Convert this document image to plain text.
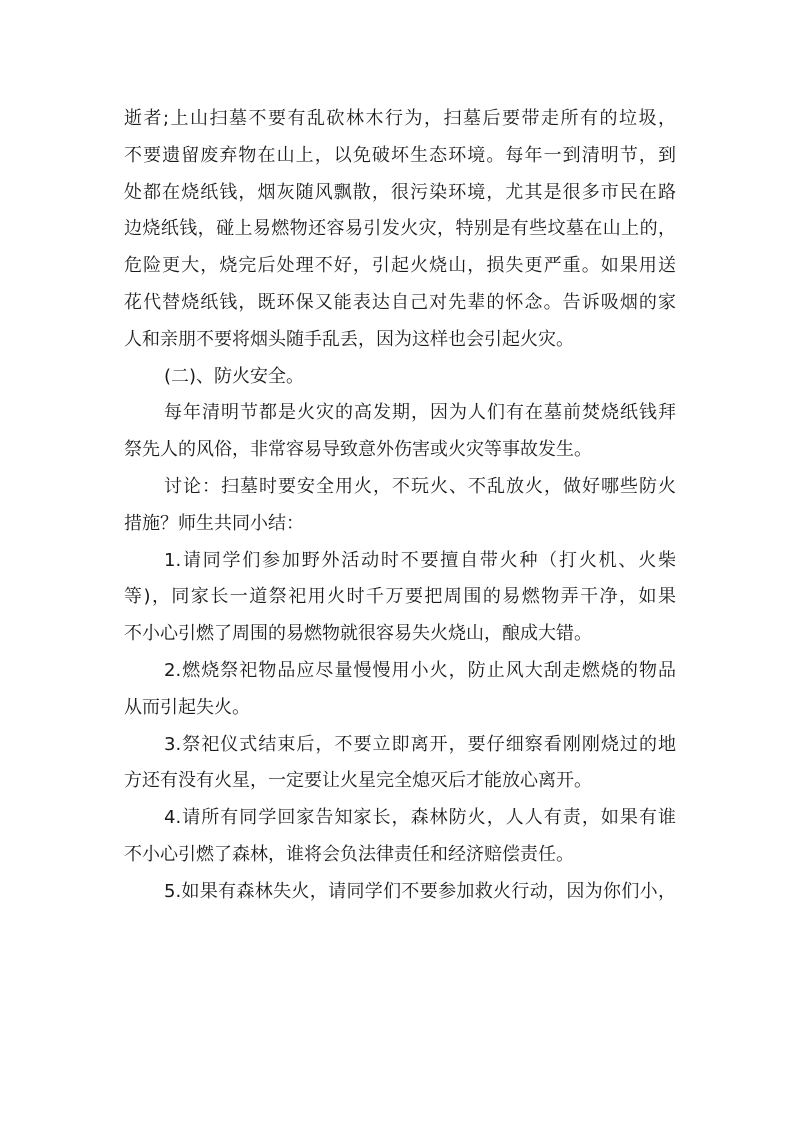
逝者;上山扫墓不要有乱砍林木行为，扫墓后要带走所有的垃圾，
不要遗留废弃物在山上，以免破坏生态环境。每年一到清明节，到
处都在烧纸钱，烟灰随风飘散，很污染环境，尤其是很多市民在路
边烧纸钱，碰上易燃物还容易引发火灾，特别是有些坟墓在山上的，
危险更大，烧完后处理不好，引起火烧山，损失更严重。如果用送
花代替烧纸钱，既环保又能表达自己对先辈的怀念。告诉吸烟的家
人和亲朋不要将烟头随手乱丢，因为这样也会引起火灾。
(二)、防火安全。
每年清明节都是火灾的高发期，因为人们有在墓前焚烧纸钱拜
祭先人的风俗，非常容易导致意外伤害或火灾等事故发生。
讨论：扫墓时要安全用火，不玩火、不乱放火，做好哪些防火
措施？师生共同小结：
1.请同学们参加野外活动时不要擅自带火种（打火机、火柴
等)，同家长一道祭祀用火时千万要把周围的易燃物弄干净，如果
不小心引燃了周围的易燃物就很容易失火烧山，酿成大错。
2.燃烧祭祀物品应尽量慢慢用小火，防止风大刮走燃烧的物品
从而引起失火。
3.祭祀仪式结束后，不要立即离开，要仔细察看刚刚烧过的地
方还有没有火星，一定要让火星完全熄灭后才能放心离开。
4.请所有同学回家告知家长，森林防火，人人有责，如果有谁
不小心引燃了森林，谁将会负法律责任和经济赔偿责任。
5.如果有森林失火，请同学们不要参加救火行动，因为你们小，
